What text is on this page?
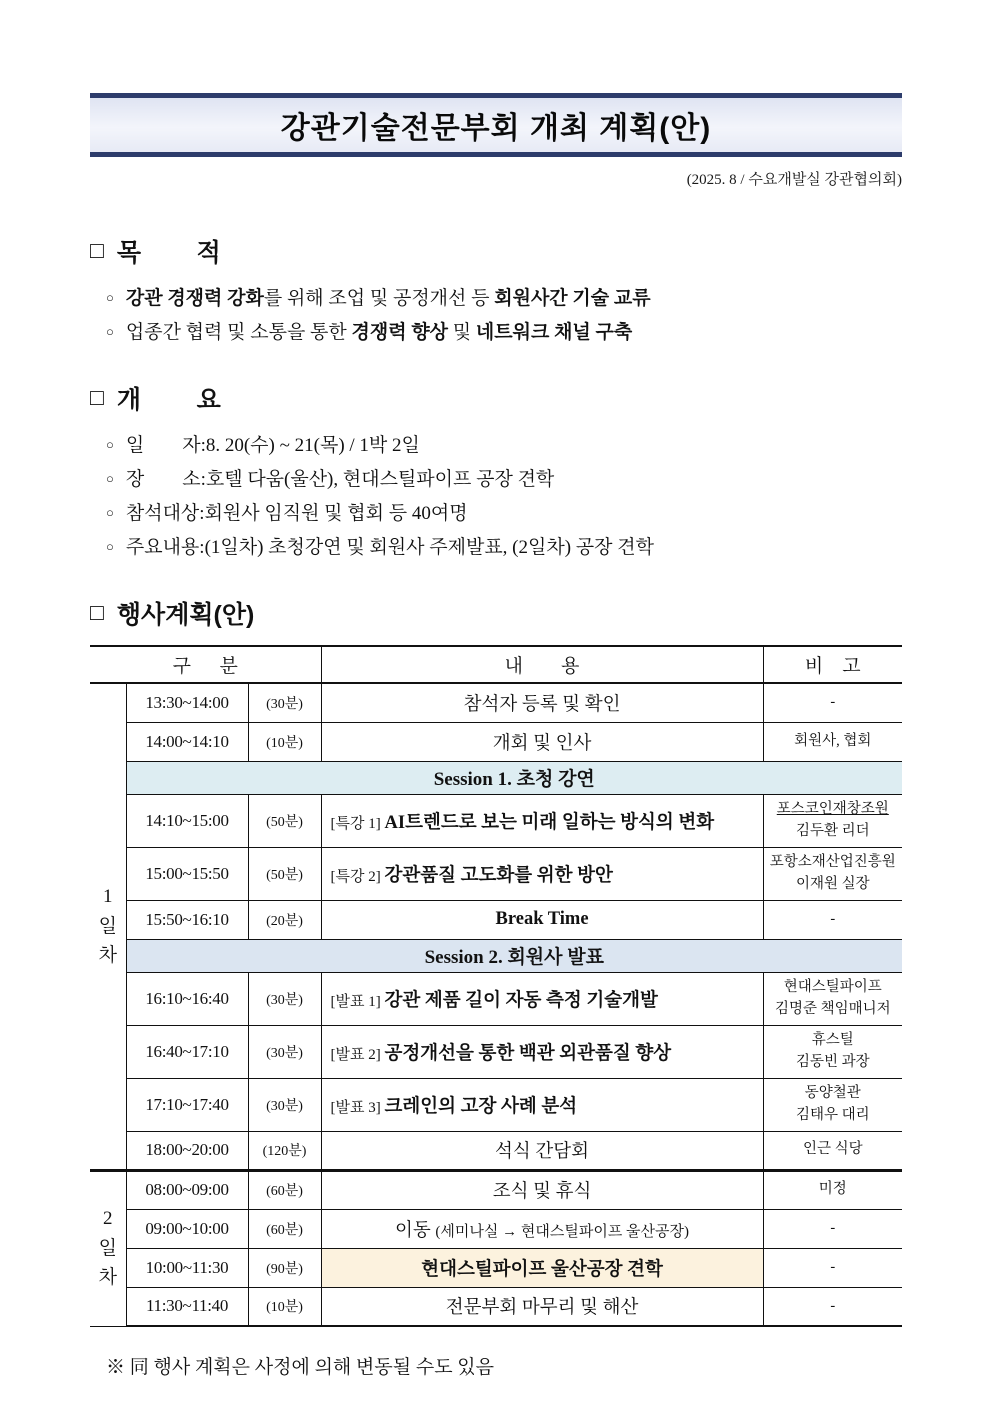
강관기술전문부회 개최 계획(안)
(2025. 8 / 수요개발실 강관협의회)
□ 목        적
○ 강관 경쟁력 강화를 위해 조업 및 공정개선 등 회원사간 기술 교류
○ 업종간 협력 및 소통을 통한 경쟁력 향상 및 네트워크 채널 구축
□ 개        요
○ 일        자 : 8. 20(수) ~ 21(목) / 1박 2일
○ 장        소 : 호텔 다움(울산), 현대스틸파이프 공장 견학
○ 참석대상 : 회원사 임직원 및 협회 등 40여명
○ 주요내용 : (1일차) 초청강연 및 회원사 주제발표, (2일차) 공장 견학
□ 행사계획(안)
구      분			내        용	비    고

1
일
차	13:30~14:00	(30분)	참석자 등록 및 확인	-

	14:00~14:10	(10분)	개회 및 인사	회원사, 협회

	Session 1. 초청 강연			
	14:10~15:00	(50분)	[특강 1] AI트렌드로 보는 미래 일하는 방식의 변화	포스코인재창조원
김두환 리더

	15:00~15:50	(50분)	[특강 2] 강관품질 고도화를 위한 방안	포항소재산업진흥원
이재원 실장

	15:50~16:10	(20분)	Break Time	-

	Session 2. 회원사 발표			
	16:10~16:40	(30분)	[발표 1] 강관 제품 길이 자동 측정 기술개발	현대스틸파이프
김명준 책임매니저

	16:40~17:10	(30분)	[발표 2] 공정개선을 통한 백관 외관품질 향상	휴스틸
김동빈 과장

	17:10~17:40	(30분)	[발표 3] 크레인의 고장 사례 분석	동양철관
김태우 대리

	18:00~20:00	(120분)	석식 간담회	인근 식당

2
일
차	08:00~09:00	(60분)	조식 및 휴식	미정

	09:00~10:00	(60분)	이동 (세미나실 → 현대스틸파이프 울산공장)	-

	10:00~11:30	(90분)	현대스틸파이프 울산공장 견학	-

	11:30~11:40	(10분)	전문부회 마무리 및 해산	-
※ 同 행사 계획은 사정에 의해 변동될 수도 있음
